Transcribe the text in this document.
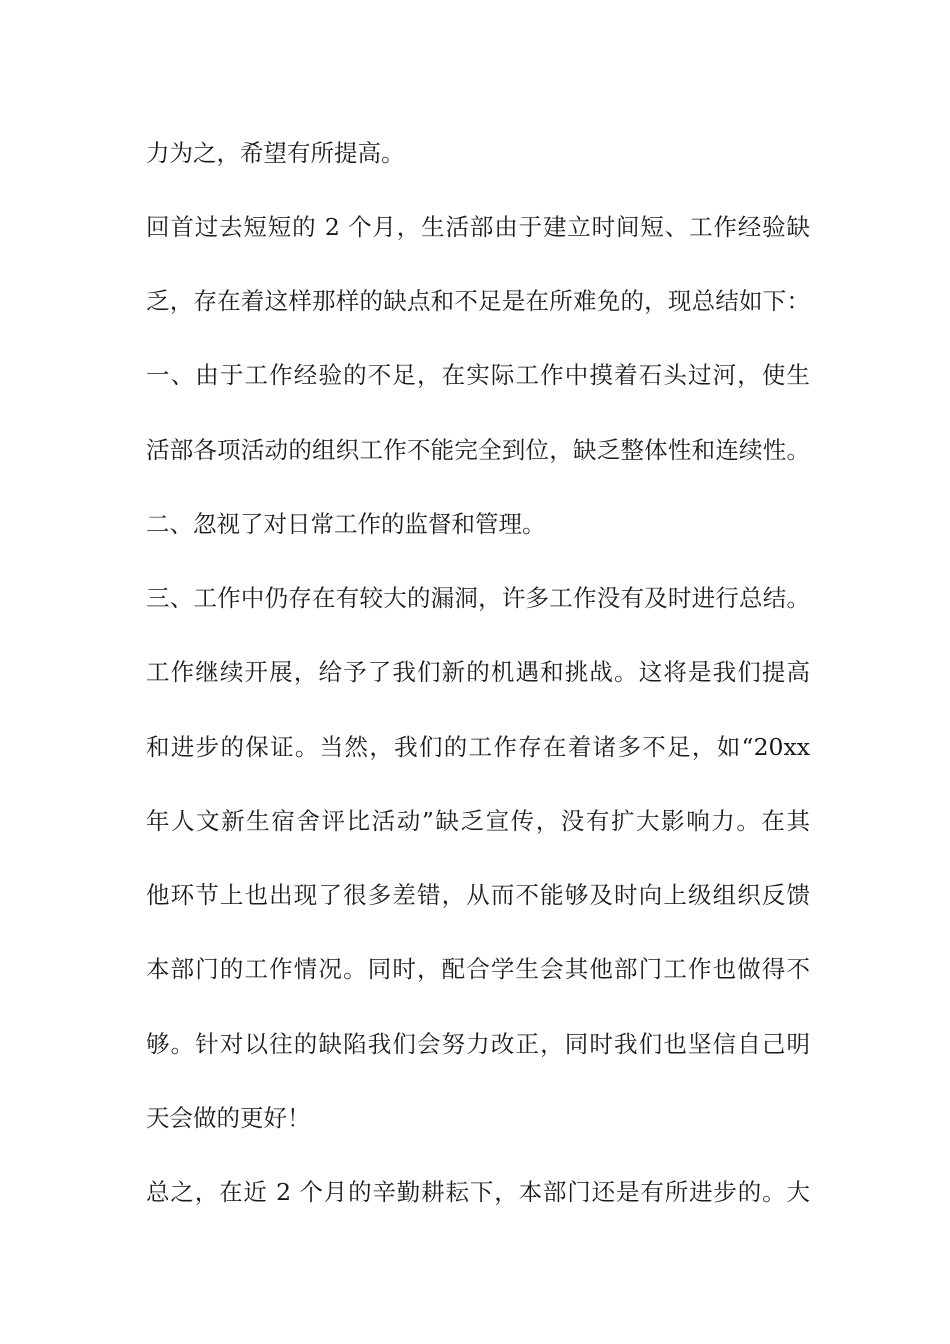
力为之，希望有所提高。
回首过去短短的 2 个月，生活部由于建立时间短、工作经验缺
乏，存在着这样那样的缺点和不足是在所难免的，现总结如下：
一、由于工作经验的不足，在实际工作中摸着石头过河，使生
活部各项活动的组织工作不能完全到位，缺乏整体性和连续性。
二、忽视了对日常工作的监督和管理。
三、工作中仍存在有较大的漏洞，许多工作没有及时进行总结。
工作继续开展，给予了我们新的机遇和挑战。这将是我们提高
和进步的保证。当然，我们的工作存在着诸多不足，如“20xx
年人文新生宿舍评比活动”缺乏宣传，没有扩大影响力。在其
他环节上也出现了很多差错，从而不能够及时向上级组织反馈
本部门的工作情况。同时，配合学生会其他部门工作也做得不
够。针对以往的缺陷我们会努力改正，同时我们也坚信自己明
天会做的更好！
总之，在近 2 个月的辛勤耕耘下，本部门还是有所进步的。大
